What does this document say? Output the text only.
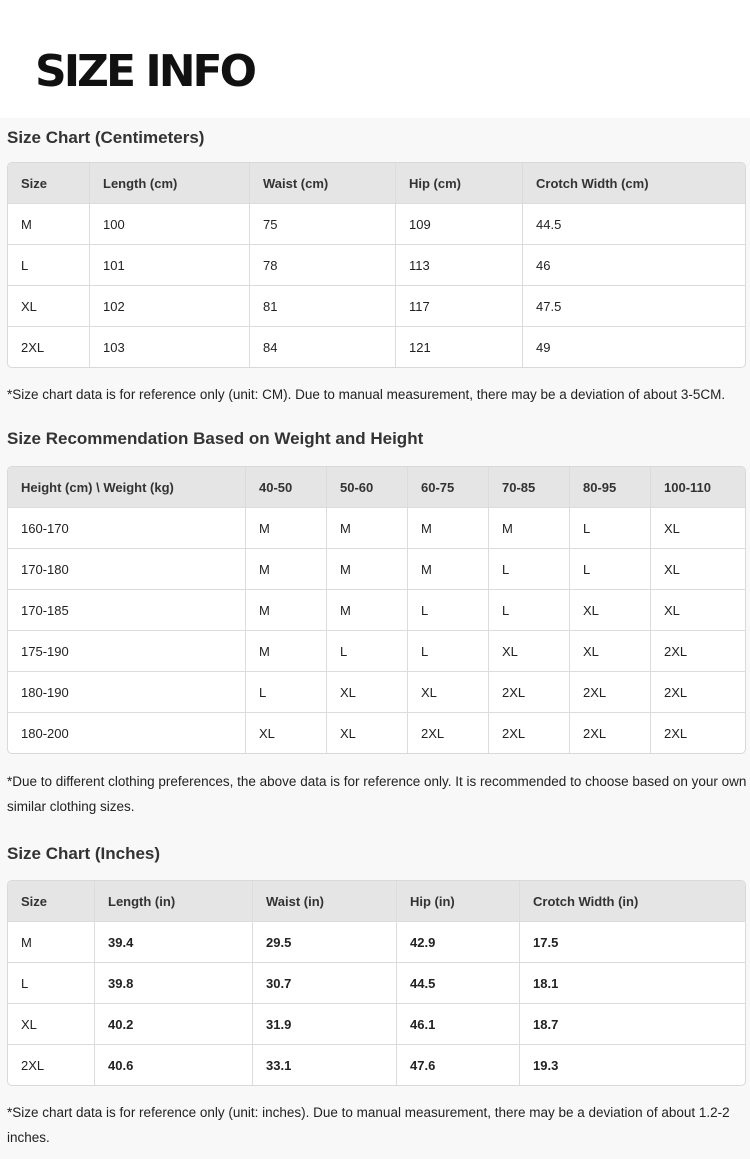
SIZE INFO
Size Chart (Centimeters)
Size	Length (cm)	Waist (cm)	Hip (cm)	Crotch Width (cm)
M	100	75	109	44.5
L	101	78	113	46
XL	102	81	117	47.5
2XL	103	84	121	49

*Size chart data is for reference only (unit: CM). Due to manual measurement, there may be a deviation of about 3-5CM.

Size Recommendation Based on Weight and Height
Height (cm) \ Weight (kg)	40-50	50-60	60-75	70-85	80-95	100-110
160-170	M	M	M	M	L	XL
170-180	M	M	M	L	L	XL
170-185	M	M	L	L	XL	XL
175-190	M	L	L	XL	XL	2XL
180-190	L	XL	XL	2XL	2XL	2XL
180-200	XL	XL	2XL	2XL	2XL	2XL

*Due to different clothing preferences, the above data is for reference only. It is recommended to choose based on your own similar clothing sizes.

Size Chart (Inches)
Size	Length (in)	Waist (in)	Hip (in)	Crotch Width (in)
M	39.4	29.5	42.9	17.5
L	39.8	30.7	44.5	18.1
XL	40.2	31.9	46.1	18.7
2XL	40.6	33.1	47.6	19.3

*Size chart data is for reference only (unit: inches). Due to manual measurement, there may be a deviation of about 1.2-2 inches.
